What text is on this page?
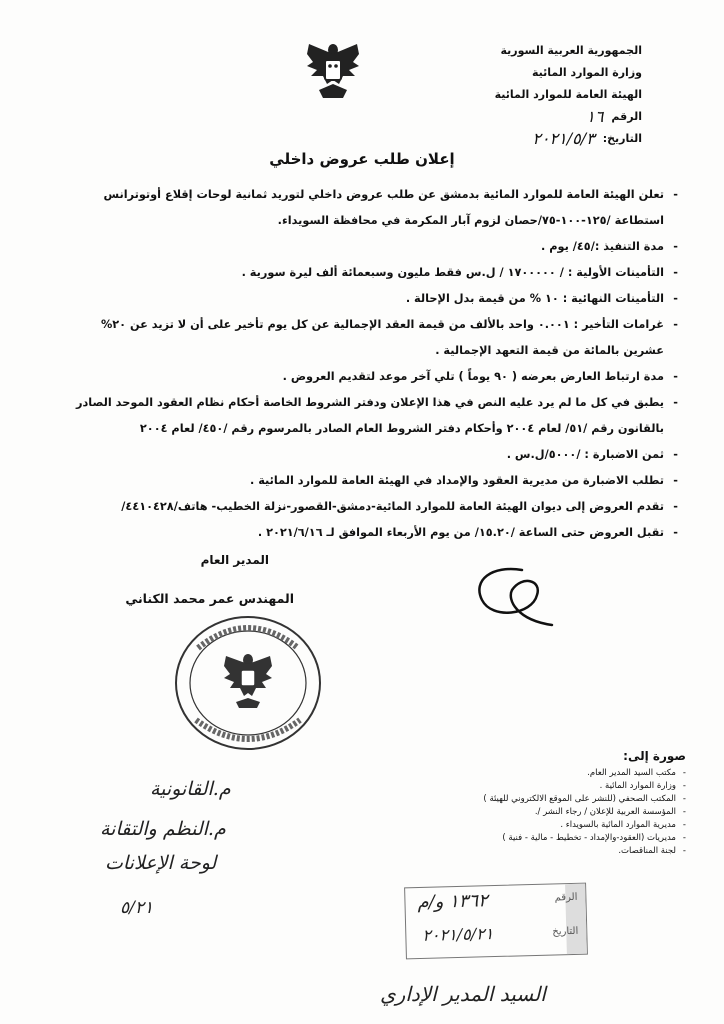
الجمهورية العربية السورية
وزارة الموارد المائية
الهيئة العامة للموارد المائية
الرقم
١٦
التاريخ:
٢٠٢١/٥/٣
إعلان طلب عروض داخلي
- تعلن الهيئة العامة للموارد المائية بدمشق عن طلب عروض داخلي لتوريد ثمانية لوحات إقلاع أوتوترانس
استطاعة /١٢٥-١٠٠-٧٥/حصان لزوم آبار المكرمة في محافظة السويداء.
- مدة التنفيذ :/٤٥/ يوم .
- التأمينات الأولية : / ١٧٠٠٠٠٠ / ل.س فقط مليون وسبعمائة ألف ليرة سورية .
- التأمينات النهائية : ١٠ % من قيمة بدل الإحالة .
- غرامات التأخير : ٠.٠٠١ واحد بالألف من قيمة العقد الإجمالية عن كل يوم تأخير على أن لا تزيد عن ٢٠%
عشرين بالمائة من قيمة التعهد الإجمالية .
- مدة ارتباط العارض بعرضه ( ٩٠ يوماً ) تلي آخر موعد لتقديم العروض .
- يطبق في كل ما لم يرد عليه النص في هذا الإعلان ودفتر الشروط الخاصة أحكام نظام العقود الموحد الصادر
بالقانون رقم /٥١/ لعام ٢٠٠٤ وأحكام دفتر الشروط العام الصادر بالمرسوم رقم /٤٥٠/ لعام ٢٠٠٤
- ثمن الاضبارة : /٥٠٠٠/ل.س .
- تطلب الاضبارة من مديرية العقود والإمداد في الهيئة العامة للموارد المائية .
- تقدم العروض إلى ديوان الهيئة العامة للموارد المائية-دمشق-القصور-نزلة الخطيب- هاتف/٤٤١٠٤٢٨/
- تقبل العروض حتى الساعة /١٥.٢٠/ من يوم الأربعاء الموافق لـ ٢٠٢١/٦/١٦ .
المدير العام
المهندس عمر محمد الكناني
صورة إلى:
- مكتب السيد المدير العام.
- وزارة الموارد المائية .
- المكتب الصحفي (للنشر على الموقع الالكتروني للهيئة )
- المؤسسة العربية للإعلان / رجاء النشر /.
- مديرية الموارد المائية بالسويداء .
- مديريات (العقود-والإمداد - تخطيط - مالية - فنية )
- لجنة المناقصات.
م.القانونية
م.النظم والتقانة
لوحة الإعلانات
٥/٢١
السيد المدير الإداري
الرقم
١٣٦٢ و/م
التاريخ
٢٠٢١/٥/٢١
